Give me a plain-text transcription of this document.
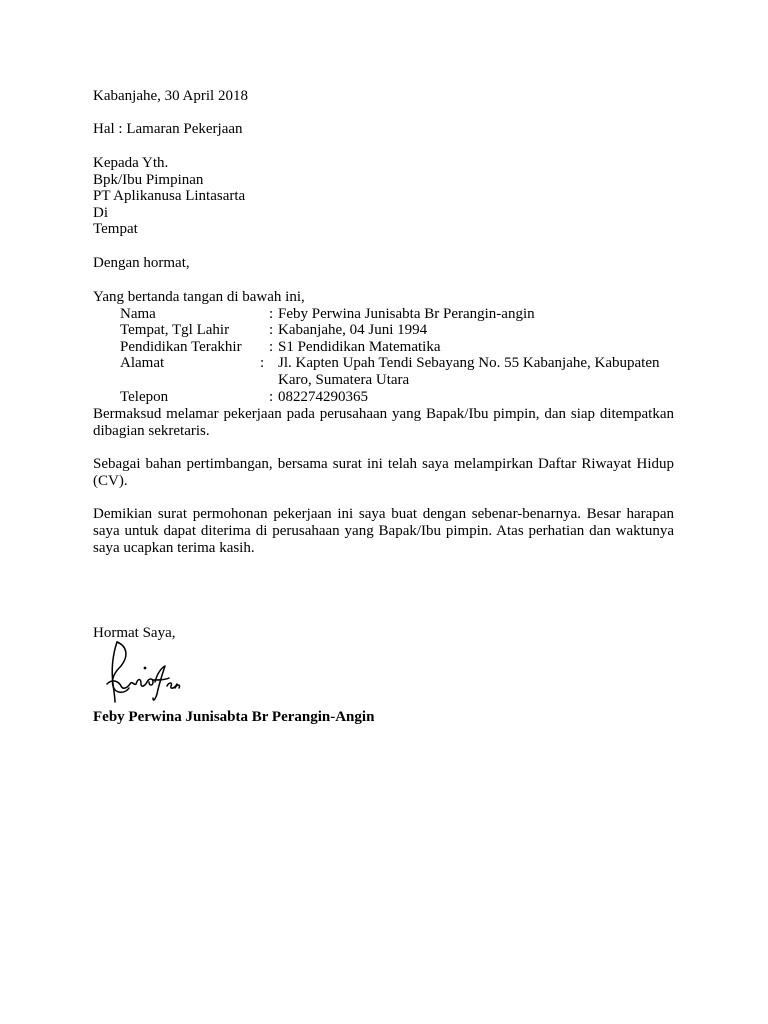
Kabanjahe, 30 April 2018
Hal : Lamaran Pekerjaan
Kepada Yth.
Bpk/Ibu Pimpinan
PT Aplikanusa Lintasarta
Di
Tempat
Dengan hormat,
Yang bertanda tangan di bawah ini,
Nama	: Feby Perwina Junisabta Br Perangin-angin
Tempat, Tgl Lahir	: Kabanjahe, 04 Juni 1994
Pendidikan Terakhir : S1 Pendidikan Matematika
Alamat	: Jl. Kapten Upah Tendi Sebayang No. 55 Kabanjahe, Kabupaten Karo, Sumatera Utara
Telepon	: 082274290365
Bermaksud melamar pekerjaan pada perusahaan yang Bapak/Ibu pimpin, dan siap ditempatkan dibagian sekretaris.
Sebagai bahan pertimbangan, bersama surat ini telah saya melampirkan Daftar Riwayat Hidup (CV).
Demikian surat permohonan pekerjaan ini saya buat dengan sebenar-benarnya. Besar harapan saya untuk dapat diterima di perusahaan yang Bapak/Ibu pimpin. Atas perhatian dan waktunya saya ucapkan terima kasih.
Hormat Saya,
Feby Perwina Junisabta Br Perangin-Angin
